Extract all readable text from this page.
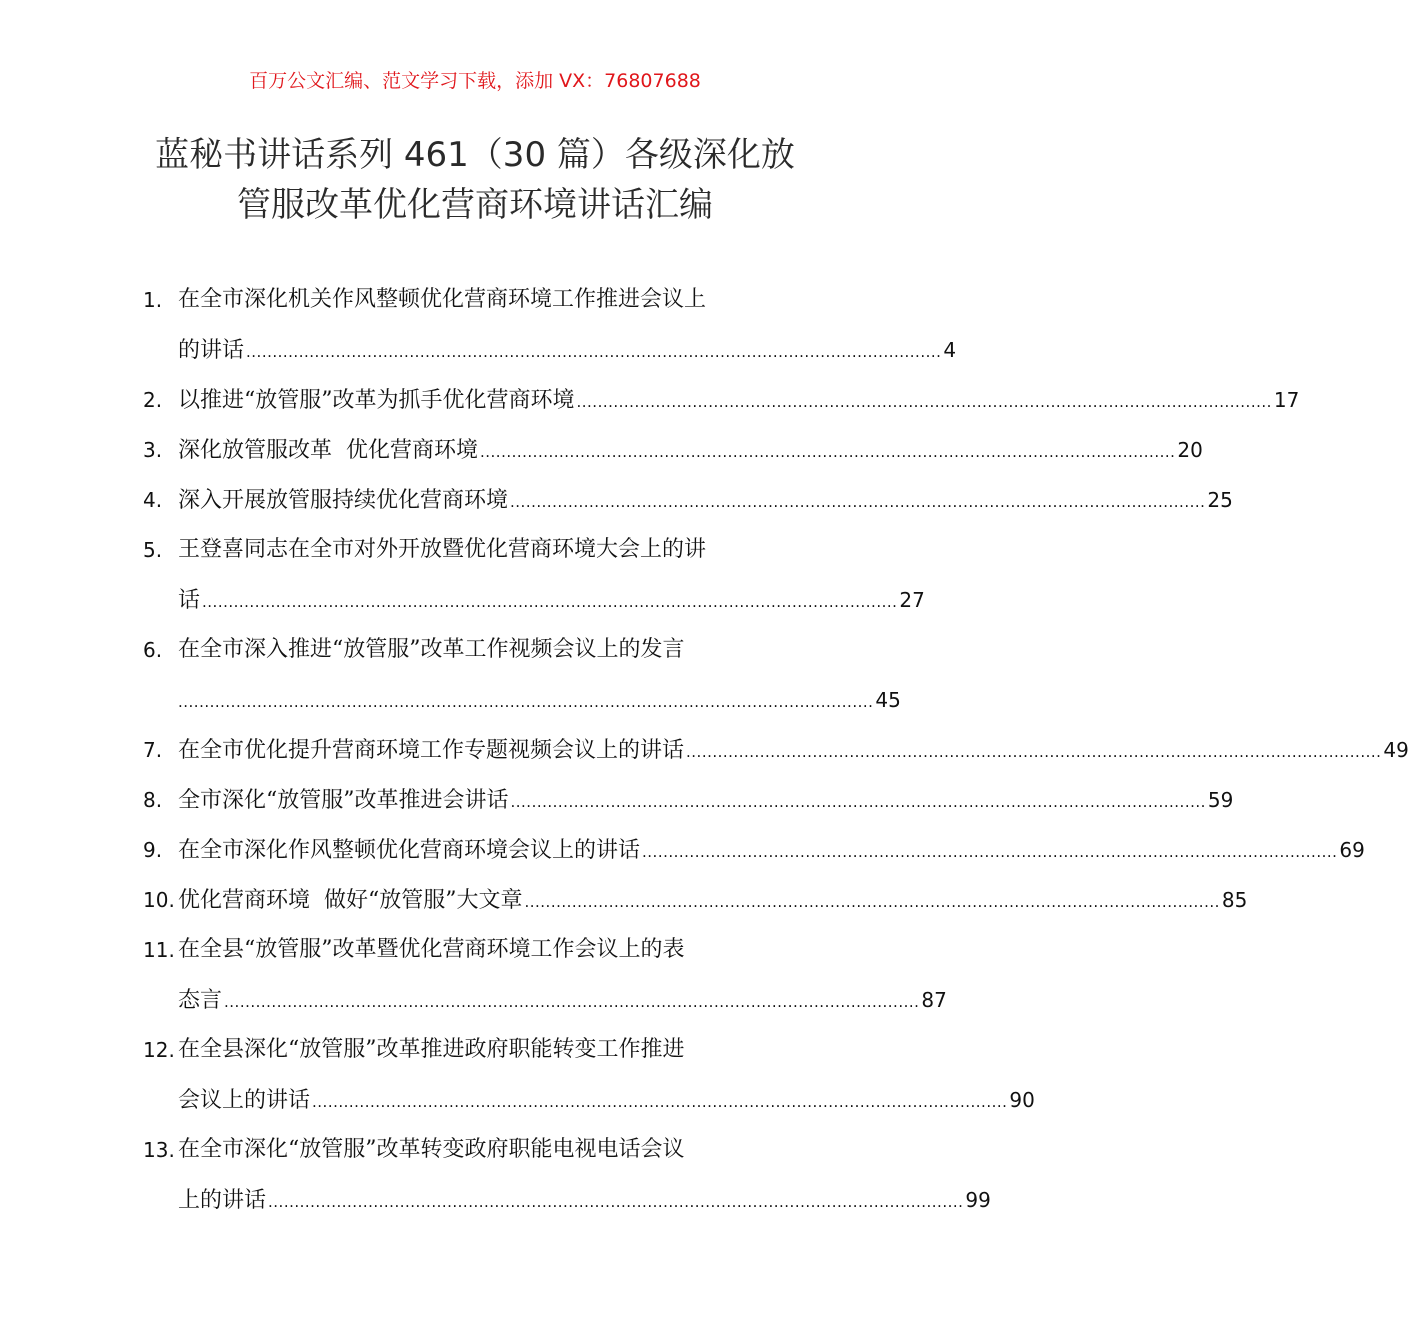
百万公文汇编、范文学习下载，添加 VX：76807688
蓝秘书讲话系列 461（30 篇）各级深化放
管服改革优化营商环境讲话汇编
1. 在全市深化机关作风整顿优化营商环境工作推进会议上
的讲话 .................................................................................................................................... 4
2. 以推进“放管服”改革为抓手优化营商环境 .................................................................................................................................... 17
3. 深化放管服改革  优化营商环境 .................................................................................................................................... 20
4. 深入开展放管服持续优化营商环境 .................................................................................................................................... 25
5. 王登喜同志在全市对外开放暨优化营商环境大会上的讲
话 .................................................................................................................................... 27
6. 在全市深入推进“放管服”改革工作视频会议上的发言
.................................................................................................................................... 45
7. 在全市优化提升营商环境工作专题视频会议上的讲话 .................................................................................................................................... 49
8. 全市深化“放管服”改革推进会讲话 .................................................................................................................................... 59
9. 在全市深化作风整顿优化营商环境会议上的讲话 .................................................................................................................................... 69
10. 优化营商环境  做好“放管服”大文章 .................................................................................................................................... 85
11. 在全县“放管服”改革暨优化营商环境工作会议上的表
态言 .................................................................................................................................... 87
12. 在全县深化“放管服”改革推进政府职能转变工作推进
会议上的讲话 .................................................................................................................................... 90
13. 在全市深化“放管服”改革转变政府职能电视电话会议
上的讲话 .................................................................................................................................... 99
